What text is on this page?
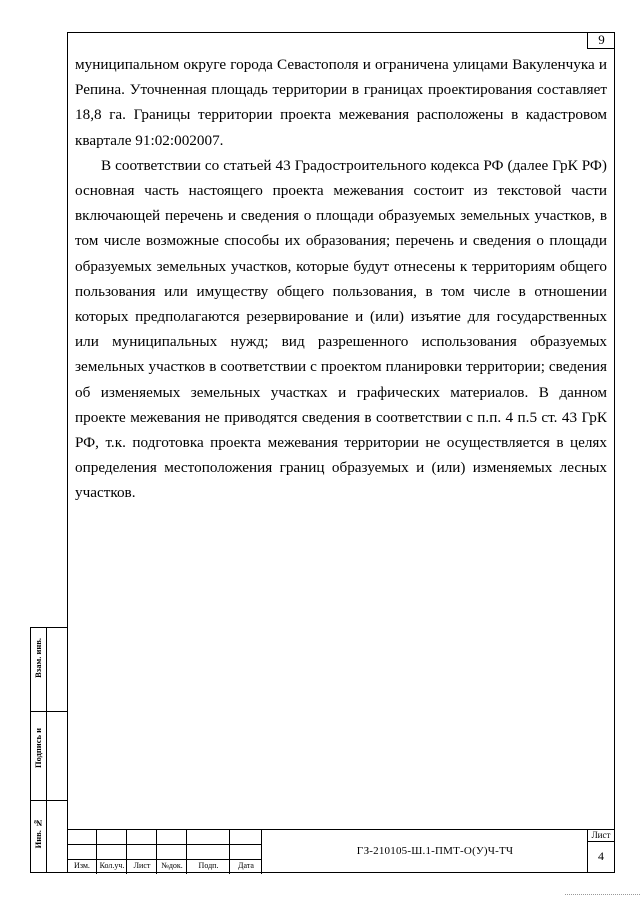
9

муниципальном округе города Севастополя и ограничена улицами Вакуленчука и Репина. Уточненная площадь территории в границах проектирования составляет 18,8 га. Границы территории проекта межевания расположены в кадастровом квартале 91:02:002007.

В соответствии со статьей 43 Градостроительного кодекса РФ (далее ГрК РФ) основная часть настоящего проекта межевания состоит из текстовой части включающей перечень и сведения о площади образуемых земельных участков, в том числе возможные способы их образования; перечень и сведения о площади образуемых земельных участков, которые будут отнесены к территориям общего пользования или имуществу общего пользования, в том числе в отношении которых предполагаются резервирование и (или) изъятие для государственных или муниципальных нужд; вид разрешенного использования образуемых земельных участков в соответствии с проектом планировки территории; сведения об изменяемых земельных участках и графических материалов. В данном проекте межевания не приводятся сведения в соответствии с п.п. 4 п.5 ст. 43 ГрК РФ, т.к. подготовка проекта межевания территории не осуществляется в целях определения местоположения границ образуемых и (или) изменяемых лесных участков.

Взам. инв.
Подпись и
Инв. №
Изм.	Кол.уч.	Лист	№док.	Подп.	Дата
ГЗ-210105-Ш.1-ПМТ-О(У)Ч-ТЧ
Лист
4
